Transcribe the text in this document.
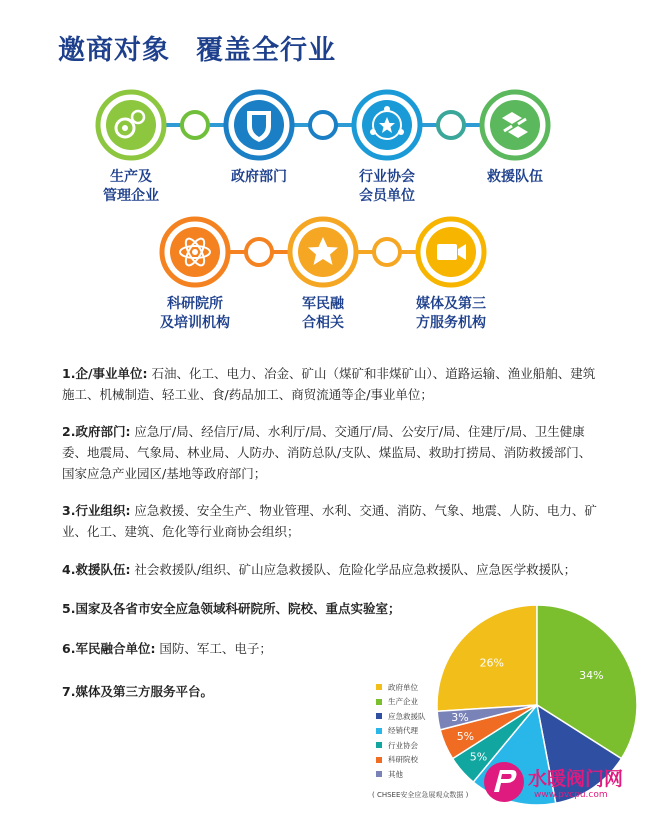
邀商对象 覆盖全行业
生产及
管理企业
政府部门	行业协会
会员单位
救援队伍
科研院所
及培训机构
军民融
合相关
媒体及第三
方服务机构
1.企/事业单位: 石油、化工、电力、冶金、矿山（煤矿和非煤矿山）、道路运输、渔业船舶、建筑施工、机械制造、轻工业、食/药品加工、商贸流通等企/事业单位；
2.政府部门: 应急厅/局、经信厅/局、水利厅/局、交通厅/局、公安厅/局、住建厅/局、卫生健康委、地震局、气象局、林业局、人防办、消防总队/支队、煤监局、救助打捞局、消防救援部门、国家应急产业园区/基地等政府部门；
3.行业组织: 应急救援、安全生产、物业管理、水利、交通、消防、气象、地震、人防、电力、矿业、化工、建筑、危化等行业商协会组织；
4.救援队伍: 社会救援队/组织、矿山应急救援队、危险化学品应急救援队、应急医学救援队；
5.国家及各省市安全应急领域科研院所、院校、重点实验室；
6.军民融合单位: 国防、军工、电子；
7.媒体及第三方服务平台。
26%
34%
5%
5%
3%
政府单位
生产企业
应急救援队
经销代理
行业协会
科研院校
其他
( CHSEE安全应急展观众数据 )
水暖阀门网
www.pvcpu.com
